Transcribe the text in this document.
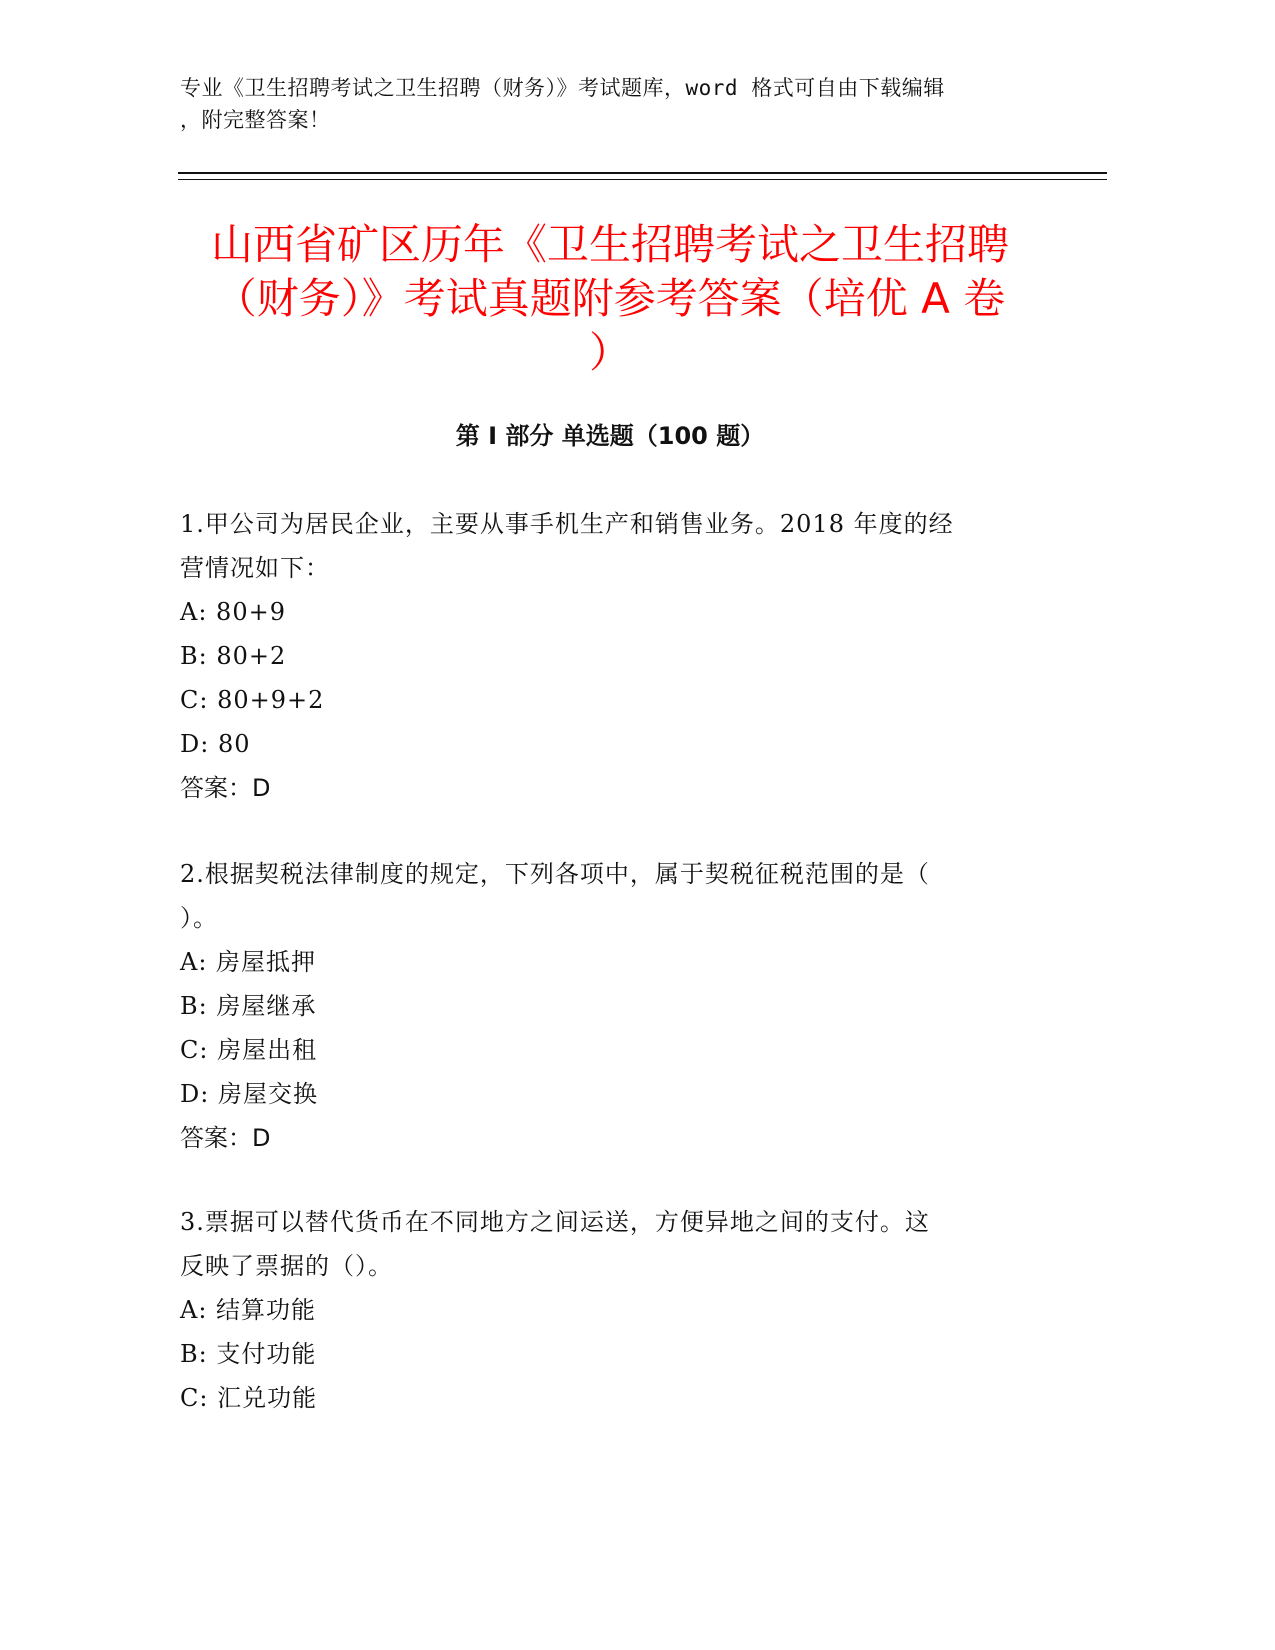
专业《卫生招聘考试之卫生招聘（财务）》考试题库，word 格式可自由下载编辑
，附完整答案！
山西省矿区历年《卫生招聘考试之卫生招聘
（财务）》考试真题附参考答案（培优 A 卷
）
第 I 部分 单选题（100 题）
1.甲公司为居民企业，主要从事手机生产和销售业务。2018 年度的经
营情况如下：
A: 80+9
B: 80+2
C: 80+9+2
D: 80
答案：D
2.根据契税法律制度的规定，下列各项中，属于契税征税范围的是（
）。
A: 房屋抵押
B: 房屋继承
C: 房屋出租
D: 房屋交换
答案：D
3.票据可以替代货币在不同地方之间运送，方便异地之间的支付。这
反映了票据的（）。
A: 结算功能
B: 支付功能
C: 汇兑功能
